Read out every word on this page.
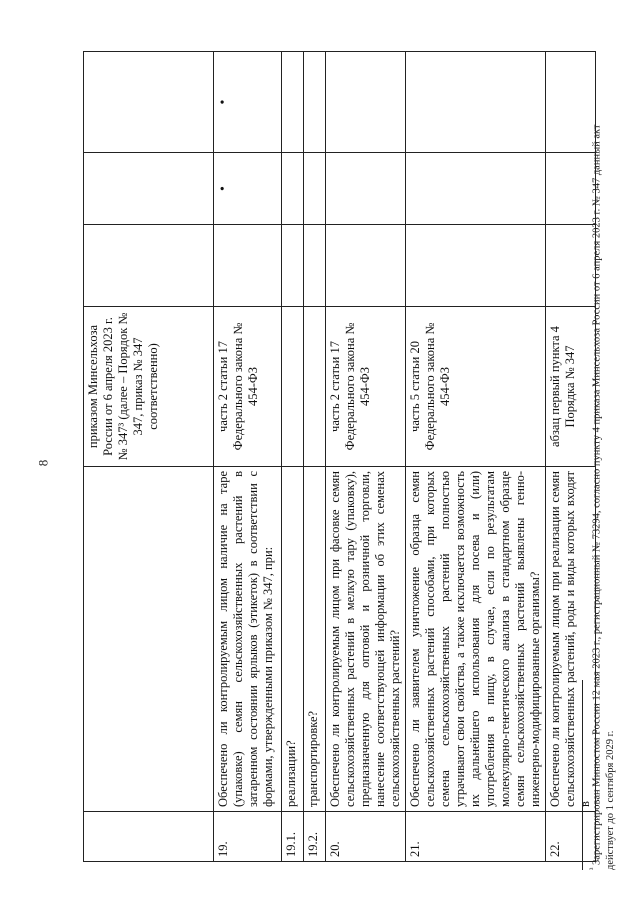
8
		приказом Минсельхоза России от 6 апреля 2023 г. № 347³ (далее – Порядок № 347, приказ № 347 соответственно)			
19.	Обеспечено ли контролируемым лицом наличие на таре (упаковке) семян сельскохозяйственных растений в затаренном состоянии ярлыков (этикеток) в соответствии с формами, утвержденными приказом № 347, при:	часть 2 статьи 17 Федерального закона № 454-ФЗ		•	•
19.1.	реализации?				
19.2.	транспортировке?				
20.	Обеспечено ли контролируемым лицом при фасовке семян сельскохозяйственных растений в мелкую тару (упаковку), предназначенную для оптовой и розничной торговли, нанесение соответствующей информации об этих семенах сельскохозяйственных растений?	часть 2 статьи 17 Федерального закона № 454-ФЗ			
21.	Обеспечено ли заявителем уничтожение образца семян сельскохозяйственных растений способами, при которых семена сельскохозяйственных растений полностью утрачивают свои свойства, а также исключается возможность их дальнейшего использования для посева и (или) употребления в пищу, в случае, если по результатам молекулярно-генетического анализа в стандартном образце семян сельскохозяйственных растений выявлены генно-инженерно-модифицированные организмы?	часть 5 статьи 20 Федерального закона № 454-ФЗ			
22.	Обеспечено ли контролируемым лицом при реализации семян сельскохозяйственных растений, роды и виды которых входят в	абзац первый пункта 4 Порядка № 347			
$^{^3}$ Зарегистрирован Минюстом России 12 мая 2023 г., регистрационный № 73294, согласно пункту 4 приказа Минсельхоза России от 6 апреля 2023 г. № 347 данный акт действует до 1 сентября 2029 г.
